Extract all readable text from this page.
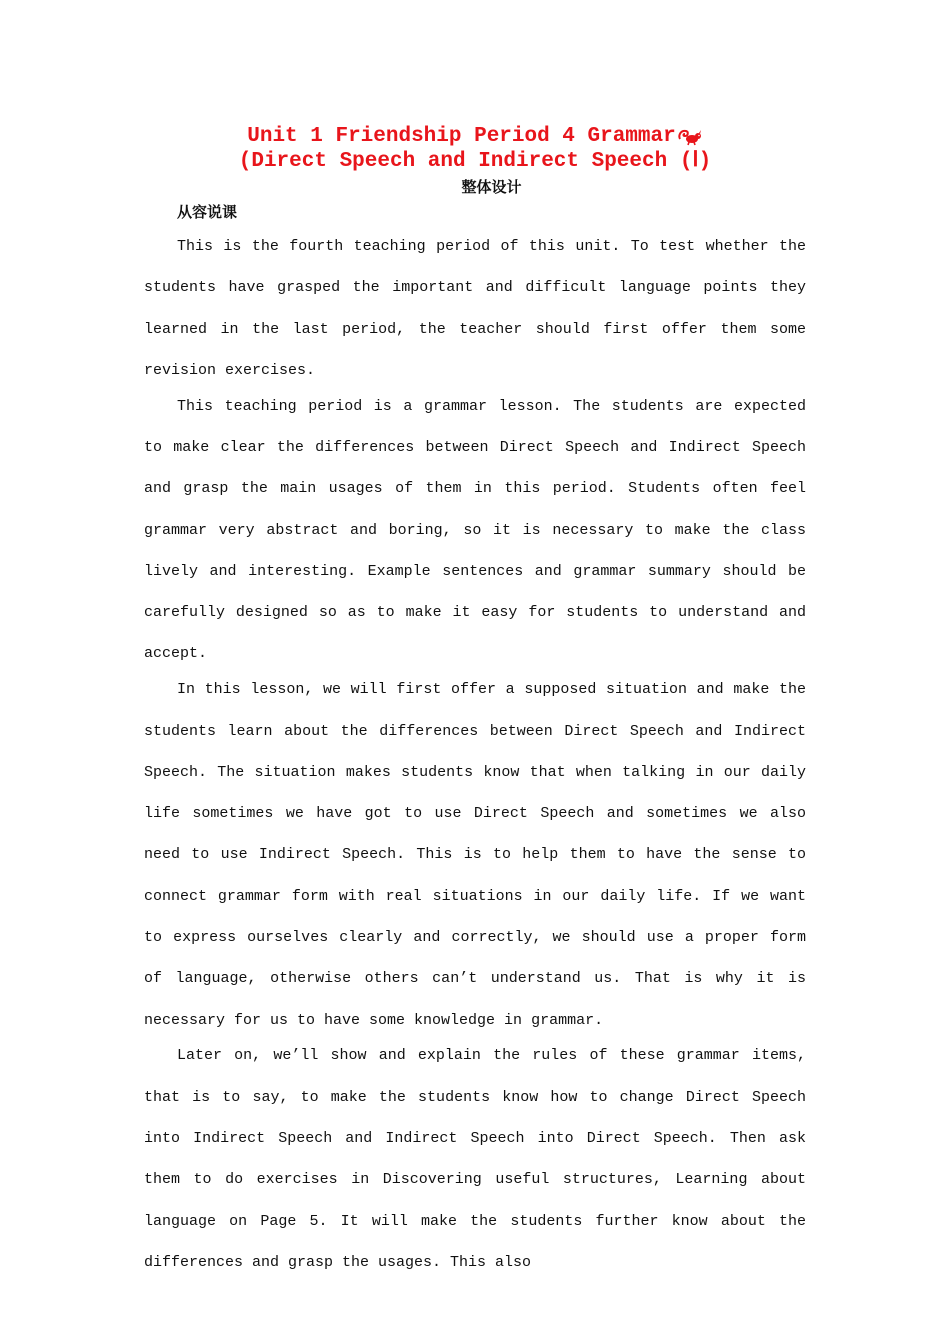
Unit 1 Friendship Period 4 Grammar
(Direct Speech and Indirect Speech (Ⅰ)
整体设计
从容说课

This is the fourth teaching period of this unit. To test whether the students have grasped the important and difficult language points they learned in the last period, the teacher should first offer them some revision exercises.

This teaching period is a grammar lesson. The students are expected to make clear the differences between Direct Speech and Indirect Speech and grasp the main usages of them in this period. Students often feel grammar very abstract and boring, so it is necessary to make the class lively and interesting. Example sentences and grammar summary should be carefully designed so as to make it easy for students to understand and accept.

In this lesson, we will first offer a supposed situation and make the students learn about the differences between Direct Speech and Indirect Speech. The situation makes students know that when talking in our daily life sometimes we have got to use Direct Speech and sometimes we also need to use Indirect Speech. This is to help them to have the sense to connect grammar form with real situations in our daily life. If we want to express ourselves clearly and correctly, we should use a proper form of language, otherwise others can’t understand us. That is why it is necessary for us to have some knowledge in grammar.

Later on, we’ll show and explain the rules of these grammar items, that is to say, to make the students know how to change Direct Speech into Indirect Speech and Indirect Speech into Direct Speech. Then ask them to do exercises in Discovering useful structures, Learning about language on Page 5. It will make the students further know about the differences and grasp the usages. This also
